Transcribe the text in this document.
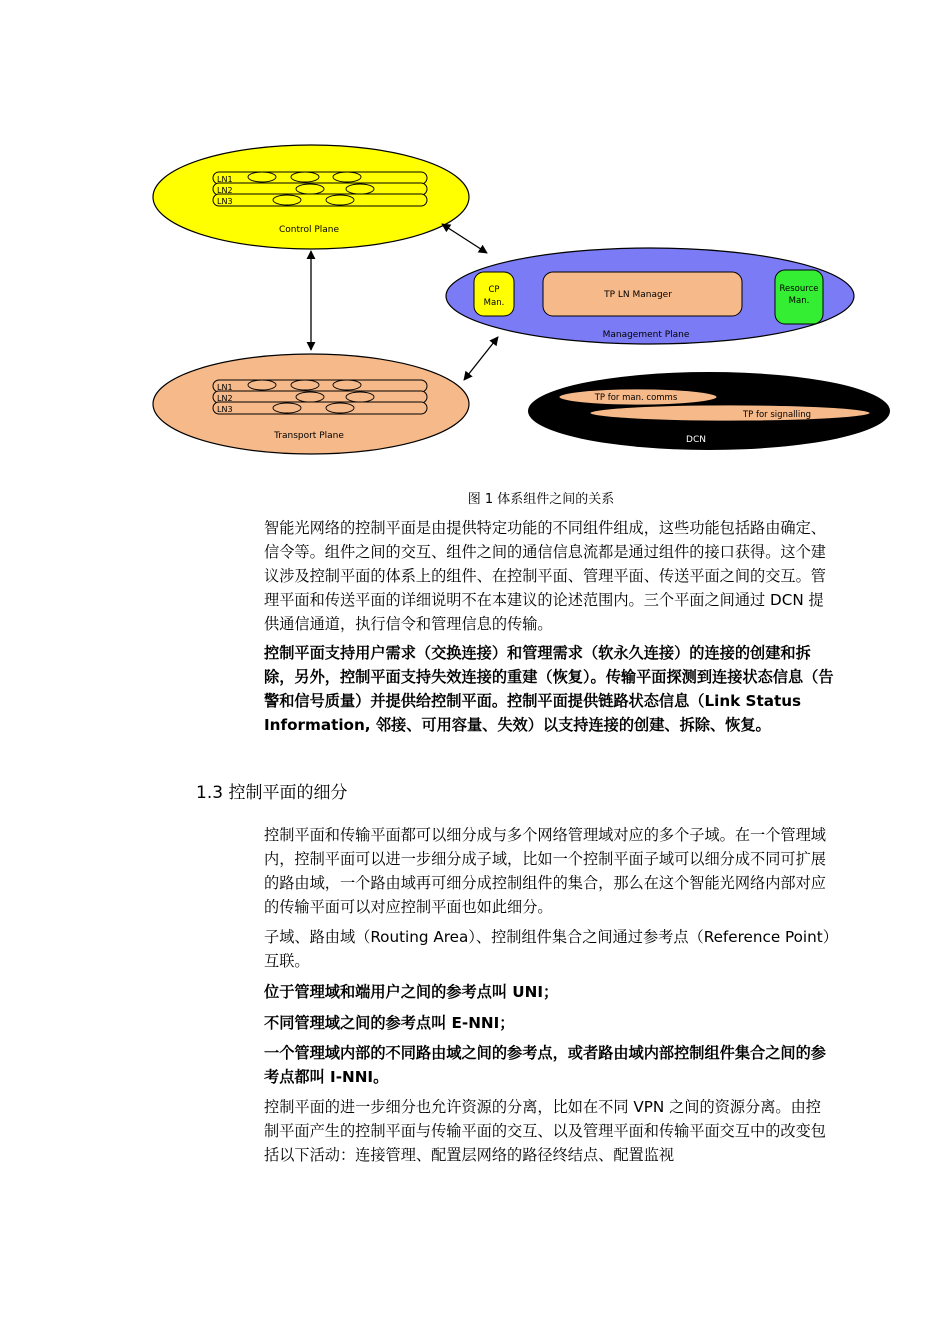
LN1
LN2
LN3
Control Plane
LN1
LN2
LN3
Transport Plane
CP
Man.
TP LN Manager
Resource
Man.
Management Plane
TP for man. comms
TP for signalling
DCN
图 1 体系组件之间的关系

智能光网络的控制平面是由提供特定功能的不同组件组成，这些功能包括路由确定、信令等。组件之间的交互、组件之间的通信信息流都是通过组件的接口获得。这个建议涉及控制平面的体系上的组件、在控制平面、管理平面、传送平面之间的交互。管理平面和传送平面的详细说明不在本建议的论述范围内。三个平面之间通过 DCN 提供通信通道，执行信令和管理信息的传输。

控制平面支持用户需求（交换连接）和管理需求（软永久连接）的连接的创建和拆除，另外，控制平面支持失效连接的重建（恢复）。传输平面探测到连接状态信息（告警和信号质量）并提供给控制平面。控制平面提供链路状态信息（Link Status Information, 邻接、可用容量、失效）以支持连接的创建、拆除、恢复。

1.3 控制平面的细分

控制平面和传输平面都可以细分成与多个网络管理域对应的多个子域。在一个管理域内，控制平面可以进一步细分成子域，比如一个控制平面子域可以细分成不同可扩展的路由域，一个路由域再可细分成控制组件的集合，那么在这个智能光网络内部对应的传输平面可以对应控制平面也如此细分。

子域、路由域（Routing Area）、控制组件集合之间通过参考点（Reference Point）互联。

位于管理域和端用户之间的参考点叫 UNI；

不同管理域之间的参考点叫 E-NNI；

一个管理域内部的不同路由域之间的参考点，或者路由域内部控制组件集合之间的参考点都叫 I-NNI。

控制平面的进一步细分也允许资源的分离，比如在不同 VPN 之间的资源分离。由控制平面产生的控制平面与传输平面的交互、以及管理平面和传输平面交互中的改变包括以下活动：连接管理、配置层网络的路径终结点、配置监视
